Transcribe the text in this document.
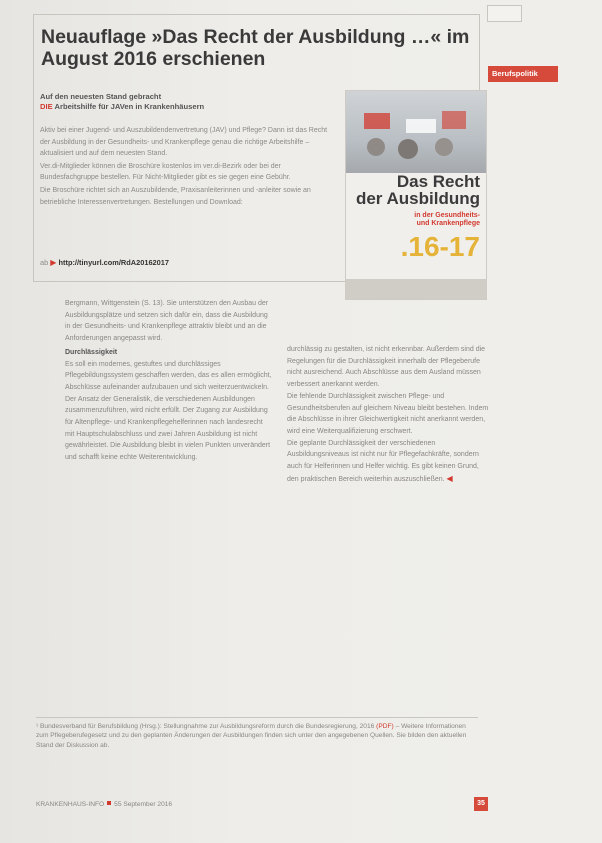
Neuauflage »Das Recht der Ausbildung …« im August 2016 erschienen
Berufspolitik
Auf den neuesten Stand gebracht
DIE Arbeitshilfe für JAVen in Krankenhäusern

Aktiv bei einer Jugend- und Auszubildendenvertretung (JAV) und Pflege? Dann ist das Recht der Ausbildung in der Gesundheits- und Krankenpflege genau die richtige Arbeitshilfe – aktualisiert und auf dem neuesten Stand.

Ver.di-Mitglieder können die Broschüre kostenlos im ver.di-Bezirk oder bei der Bundesfachgruppe bestellen. Für Nicht-Mitglieder gibt es sie gegen eine Gebühr.

Die Broschüre richtet sich an Auszubildende, Praxisanleiterinnen und -anleiter sowie an betriebliche Interessenvertretungen. Bestellungen und Download:

ab ▶ http://tinyurl.com/RdA20162017
Das Recht
der Ausbildung
in der Gesundheits-
und Krankenpflege
.16-17

Bergmann, Wittgenstein (S. 13). Sie unterstützen den Ausbau der Ausbildungsplätze und setzen sich dafür ein, dass die Ausbildung in der Gesundheits- und Krankenpflege attraktiv bleibt und an die Anforderungen angepasst wird.

Durchlässigkeit

Es soll ein modernes, gestuftes und durchlässiges Pflegebildungssystem geschaffen werden, das es allen ermöglicht, Abschlüsse aufeinander aufzubauen und sich weiterzuentwickeln.

Der Ansatz der Generalistik, die verschiedenen Ausbildungen zusammenzuführen, wird nicht erfüllt. Der Zugang zur Ausbildung für Altenpflege- und Krankenpflegehelferinnen nach landesrecht mit Hauptschulabschluss und zwei Jahren Ausbildung ist nicht gewährleistet. Die Ausbildung bleibt in vielen Punkten unverändert und schafft keine echte Weiterentwicklung.

durchlässig zu gestalten, ist nicht erkennbar. Außerdem sind die Regelungen für die Durchlässigkeit innerhalb der Pflegeberufe nicht ausreichend. Auch Abschlüsse aus dem Ausland müssen verbessert anerkannt werden.

Die fehlende Durchlässigkeit zwischen Pflege- und Gesundheitsberufen auf gleichem Niveau bleibt bestehen. Indem die Abschlüsse in ihrer Gleichwertigkeit nicht anerkannt werden, wird eine Weiterqualifizierung erschwert.

Die geplante Durchlässigkeit der verschiedenen Ausbildungsniveaus ist nicht nur für Pflegefachkräfte, sondern auch für Helferinnen und Helfer wichtig. Es gibt keinen Grund, den praktischen Bereich weiterhin auszuschließen. ◀

¹ Bundesverband für Berufsbildung (Hrsg.): Stellungnahme zur Ausbildungsreform durch die Bundesregierung, 2016 (PDF) – Weitere Informationen zum Pflegeberufegesetz und zu den geplanten Änderungen der Ausbildungen finden sich unter den angegebenen Quellen. Sie bilden den aktuellen Stand der Diskussion ab.

KRANKENHAUS-INFO 55 September 2016	35
